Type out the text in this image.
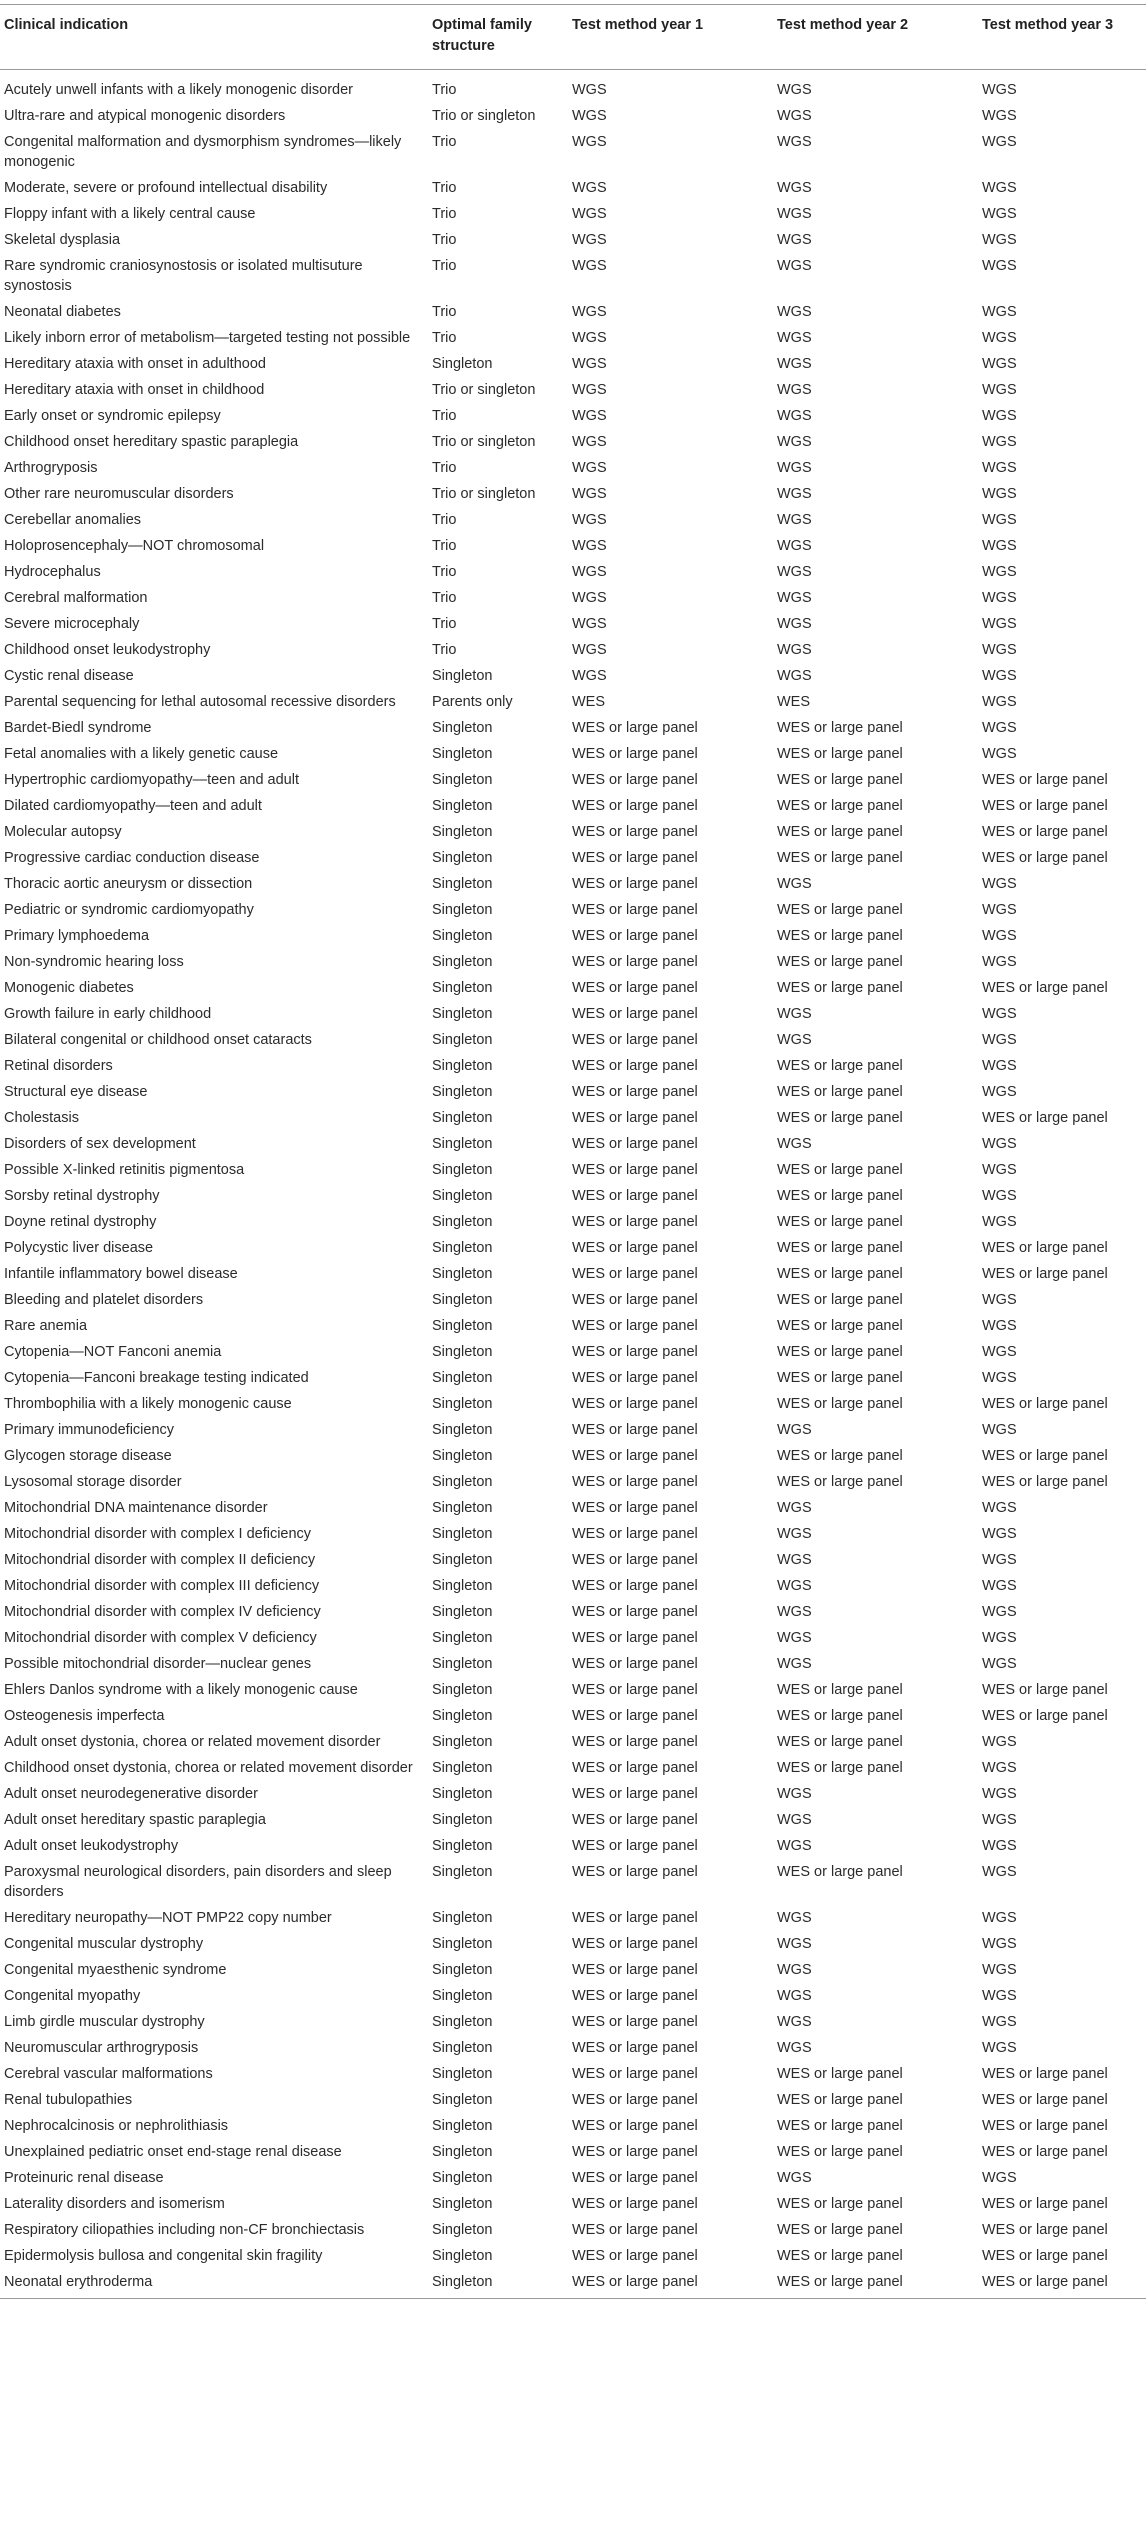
Clinical indication	Optimal family structure	Test method year 1	Test method year 2	Test method year 3
Acutely unwell infants with a likely monogenic disorder	Trio	WGS	WGS	WGS
Ultra-rare and atypical monogenic disorders	Trio or singleton	WGS	WGS	WGS
Congenital malformation and dysmorphism syndromes—likely monogenic	Trio	WGS	WGS	WGS
Moderate, severe or profound intellectual disability	Trio	WGS	WGS	WGS
Floppy infant with a likely central cause	Trio	WGS	WGS	WGS
Skeletal dysplasia	Trio	WGS	WGS	WGS
Rare syndromic craniosynostosis or isolated multisuture synostosis	Trio	WGS	WGS	WGS
Neonatal diabetes	Trio	WGS	WGS	WGS
Likely inborn error of metabolism—targeted testing not possible	Trio	WGS	WGS	WGS
Hereditary ataxia with onset in adulthood	Singleton	WGS	WGS	WGS
Hereditary ataxia with onset in childhood	Trio or singleton	WGS	WGS	WGS
Early onset or syndromic epilepsy	Trio	WGS	WGS	WGS
Childhood onset hereditary spastic paraplegia	Trio or singleton	WGS	WGS	WGS
Arthrogryposis	Trio	WGS	WGS	WGS
Other rare neuromuscular disorders	Trio or singleton	WGS	WGS	WGS
Cerebellar anomalies	Trio	WGS	WGS	WGS
Holoprosencephaly—NOT chromosomal	Trio	WGS	WGS	WGS
Hydrocephalus	Trio	WGS	WGS	WGS
Cerebral malformation	Trio	WGS	WGS	WGS
Severe microcephaly	Trio	WGS	WGS	WGS
Childhood onset leukodystrophy	Trio	WGS	WGS	WGS
Cystic renal disease	Singleton	WGS	WGS	WGS
Parental sequencing for lethal autosomal recessive disorders	Parents only	WES	WES	WGS
Bardet-Biedl syndrome	Singleton	WES or large panel	WES or large panel	WGS
Fetal anomalies with a likely genetic cause	Singleton	WES or large panel	WES or large panel	WGS
Hypertrophic cardiomyopathy—teen and adult	Singleton	WES or large panel	WES or large panel	WES or large panel
Dilated cardiomyopathy—teen and adult	Singleton	WES or large panel	WES or large panel	WES or large panel
Molecular autopsy	Singleton	WES or large panel	WES or large panel	WES or large panel
Progressive cardiac conduction disease	Singleton	WES or large panel	WES or large panel	WES or large panel
Thoracic aortic aneurysm or dissection	Singleton	WES or large panel	WGS	WGS
Pediatric or syndromic cardiomyopathy	Singleton	WES or large panel	WES or large panel	WGS
Primary lymphoedema	Singleton	WES or large panel	WES or large panel	WGS
Non-syndromic hearing loss	Singleton	WES or large panel	WES or large panel	WGS
Monogenic diabetes	Singleton	WES or large panel	WES or large panel	WES or large panel
Growth failure in early childhood	Singleton	WES or large panel	WGS	WGS
Bilateral congenital or childhood onset cataracts	Singleton	WES or large panel	WGS	WGS
Retinal disorders	Singleton	WES or large panel	WES or large panel	WGS
Structural eye disease	Singleton	WES or large panel	WES or large panel	WGS
Cholestasis	Singleton	WES or large panel	WES or large panel	WES or large panel
Disorders of sex development	Singleton	WES or large panel	WGS	WGS
Possible X-linked retinitis pigmentosa	Singleton	WES or large panel	WES or large panel	WGS
Sorsby retinal dystrophy	Singleton	WES or large panel	WES or large panel	WGS
Doyne retinal dystrophy	Singleton	WES or large panel	WES or large panel	WGS
Polycystic liver disease	Singleton	WES or large panel	WES or large panel	WES or large panel
Infantile inflammatory bowel disease	Singleton	WES or large panel	WES or large panel	WES or large panel
Bleeding and platelet disorders	Singleton	WES or large panel	WES or large panel	WGS
Rare anemia	Singleton	WES or large panel	WES or large panel	WGS
Cytopenia—NOT Fanconi anemia	Singleton	WES or large panel	WES or large panel	WGS
Cytopenia—Fanconi breakage testing indicated	Singleton	WES or large panel	WES or large panel	WGS
Thrombophilia with a likely monogenic cause	Singleton	WES or large panel	WES or large panel	WES or large panel
Primary immunodeficiency	Singleton	WES or large panel	WGS	WGS
Glycogen storage disease	Singleton	WES or large panel	WES or large panel	WES or large panel
Lysosomal storage disorder	Singleton	WES or large panel	WES or large panel	WES or large panel
Mitochondrial DNA maintenance disorder	Singleton	WES or large panel	WGS	WGS
Mitochondrial disorder with complex I deficiency	Singleton	WES or large panel	WGS	WGS
Mitochondrial disorder with complex II deficiency	Singleton	WES or large panel	WGS	WGS
Mitochondrial disorder with complex III deficiency	Singleton	WES or large panel	WGS	WGS
Mitochondrial disorder with complex IV deficiency	Singleton	WES or large panel	WGS	WGS
Mitochondrial disorder with complex V deficiency	Singleton	WES or large panel	WGS	WGS
Possible mitochondrial disorder—nuclear genes	Singleton	WES or large panel	WGS	WGS
Ehlers Danlos syndrome with a likely monogenic cause	Singleton	WES or large panel	WES or large panel	WES or large panel
Osteogenesis imperfecta	Singleton	WES or large panel	WES or large panel	WES or large panel
Adult onset dystonia, chorea or related movement disorder	Singleton	WES or large panel	WES or large panel	WGS
Childhood onset dystonia, chorea or related movement disorder	Singleton	WES or large panel	WES or large panel	WGS
Adult onset neurodegenerative disorder	Singleton	WES or large panel	WGS	WGS
Adult onset hereditary spastic paraplegia	Singleton	WES or large panel	WGS	WGS
Adult onset leukodystrophy	Singleton	WES or large panel	WGS	WGS
Paroxysmal neurological disorders, pain disorders and sleep disorders	Singleton	WES or large panel	WES or large panel	WGS
Hereditary neuropathy—NOT PMP22 copy number	Singleton	WES or large panel	WGS	WGS
Congenital muscular dystrophy	Singleton	WES or large panel	WGS	WGS
Congenital myaesthenic syndrome	Singleton	WES or large panel	WGS	WGS
Congenital myopathy	Singleton	WES or large panel	WGS	WGS
Limb girdle muscular dystrophy	Singleton	WES or large panel	WGS	WGS
Neuromuscular arthrogryposis	Singleton	WES or large panel	WGS	WGS
Cerebral vascular malformations	Singleton	WES or large panel	WES or large panel	WES or large panel
Renal tubulopathies	Singleton	WES or large panel	WES or large panel	WES or large panel
Nephrocalcinosis or nephrolithiasis	Singleton	WES or large panel	WES or large panel	WES or large panel
Unexplained pediatric onset end-stage renal disease	Singleton	WES or large panel	WES or large panel	WES or large panel
Proteinuric renal disease	Singleton	WES or large panel	WGS	WGS
Laterality disorders and isomerism	Singleton	WES or large panel	WES or large panel	WES or large panel
Respiratory ciliopathies including non-CF bronchiectasis	Singleton	WES or large panel	WES or large panel	WES or large panel
Epidermolysis bullosa and congenital skin fragility	Singleton	WES or large panel	WES or large panel	WES or large panel
Neonatal erythroderma	Singleton	WES or large panel	WES or large panel	WES or large panel
